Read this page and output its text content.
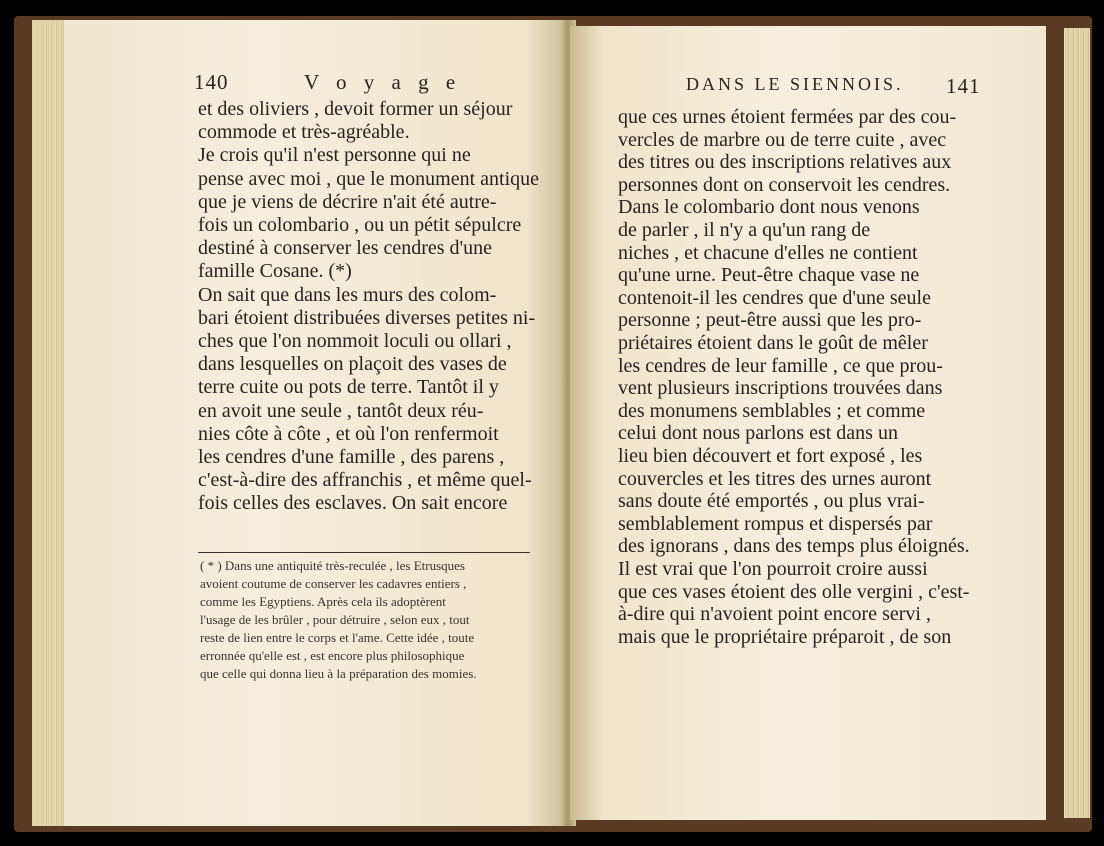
140	V o y a g e
et des oliviers , devoit former un séjour
commode et très-agréable.
Je crois qu'il n'est personne qui ne
pense avec moi , que le monument antique
que je viens de décrire n'ait été autre-
fois un colombario , ou un pétit sépulcre
destiné à conserver les cendres d'une
famille Cosane. (*)
On sait que dans les murs des colom-
bari étoient distribuées diverses petites ni-
ches que l'on nommoit loculi ou ollari ,
dans lesquelles on plaçoit des vases de
terre cuite ou pots de terre. Tantôt il y
en avoit une seule , tantôt deux réu-
nies côte à côte , et où l'on renfermoit
les cendres d'une famille , des parens ,
c'est-à-dire des affranchis , et même quel-
fois celles des esclaves. On sait encore
( * ) Dans une antiquité très-reculée , les Etrusques
avoient coutume de conserver les cadavres entiers ,
comme les Egyptiens. Après cela ils adoptèrent
l'usage de les brûler , pour détruire , selon eux , tout
reste de lien entre le corps et l'ame. Cette idée , toute
erronnée qu'elle est , est encore plus philosophique
que celle qui donna lieu à la préparation des momies.
DANS LE SIENNOIS. 141
que ces urnes étoient fermées par des cou-
vercles de marbre ou de terre cuite , avec
des titres ou des inscriptions relatives aux
personnes dont on conservoit les cendres.
Dans le colombario dont nous venons
de parler , il n'y a qu'un rang de
niches , et chacune d'elles ne contient
qu'une urne. Peut-être chaque vase ne
contenoit-il les cendres que d'une seule
personne ; peut-être aussi que les pro-
priétaires étoient dans le goût de mêler
les cendres de leur famille , ce que prou-
vent plusieurs inscriptions trouvées dans
des monumens semblables ; et comme
celui dont nous parlons est dans un
lieu bien découvert et fort exposé , les
couvercles et les titres des urnes auront
sans doute été emportés , ou plus vrai-
semblablement rompus et dispersés par
des ignorans , dans des temps plus éloignés.
Il est vrai que l'on pourroit croire aussi
que ces vases étoient des olle vergini , c'est-
à-dire qui n'avoient point encore servi ,
mais que le propriétaire préparoit , de son
